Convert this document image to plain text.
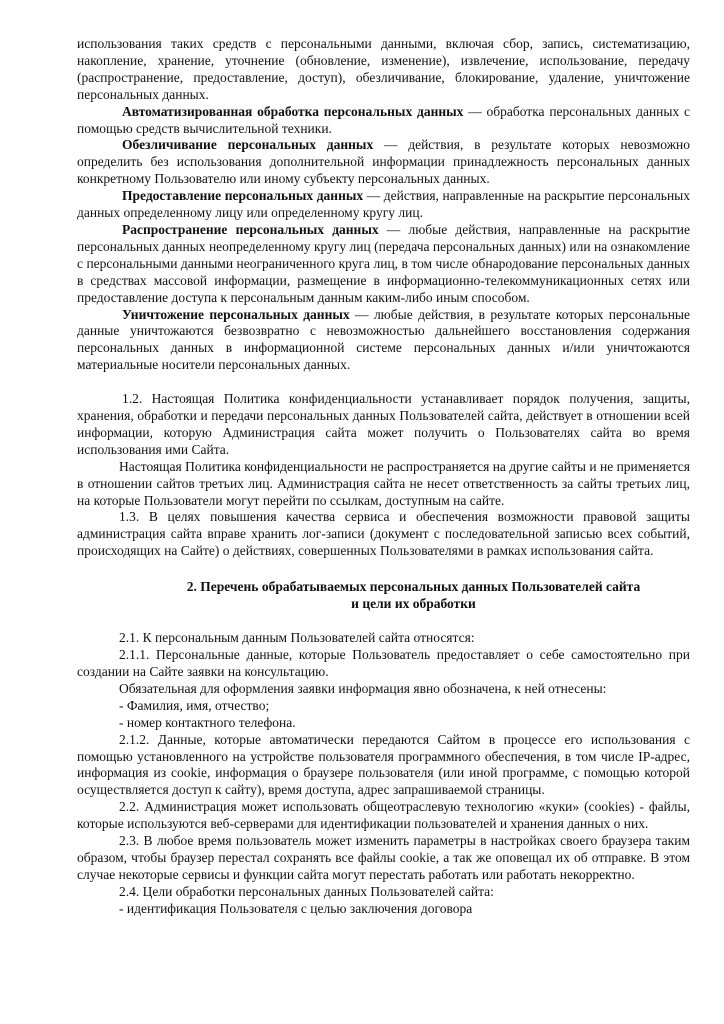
использования таких средств с персональными данными, включая сбор, запись, систематизацию, накопление, хранение, уточнение (обновление, изменение), извлечение, использование, передачу (распространение, предоставление, доступ), обезличивание, блокирование, удаление, уничтожение персональных данных.

Автоматизированная обработка персональных данных — обработка персональных данных с помощью средств вычислительной техники.

Обезличивание персональных данных — действия, в результате которых невозможно определить без использования дополнительной информации принадлежность персональных данных конкретному Пользователю или иному субъекту персональных данных.

Предоставление персональных данных — действия, направленные на раскрытие персональных данных определенному лицу или определенному кругу лиц.

Распространение персональных данных — любые действия, направленные на раскрытие персональных данных неопределенному кругу лиц (передача персональных данных) или на ознакомление с персональными данными неограниченного круга лиц, в том числе обнародование персональных данных в средствах массовой информации, размещение в информационно-телекоммуникационных сетях или предоставление доступа к персональным данным каким-либо иным способом.

Уничтожение персональных данных — любые действия, в результате которых персональные данные уничтожаются безвозвратно с невозможностью дальнейшего восстановления содержания персональных данных в информационной системе персональных данных и/или уничтожаются материальные носители персональных данных.

1.2. Настоящая Политика конфиденциальности устанавливает порядок получения, защиты, хранения, обработки и передачи персональных данных Пользователей сайта, действует в отношении всей информации, которую Администрация сайта может получить о Пользователях сайта во время использования ими Сайта.

Настоящая Политика конфиденциальности не распространяется на другие сайты и не применяется в отношении сайтов третьих лиц. Администрация сайта не несет ответственность за сайты третьих лиц, на которые Пользователи могут перейти по ссылкам, доступным на сайте.

1.3. В целях повышения качества сервиса и обеспечения возможности правовой защиты администрация сайта вправе хранить лог-записи (документ с последовательной записью всех событий, происходящих на Сайте) о действиях, совершенных Пользователями в рамках использования сайта.

2. Перечень обрабатываемых персональных данных Пользователей сайта
и цели их обработки

2.1. К персональным данным Пользователей сайта относятся:

2.1.1. Персональные данные, которые Пользователь предоставляет о себе самостоятельно при создании на Сайте заявки на консультацию.

Обязательная для оформления заявки информация явно обозначена, к ней отнесены:

- Фамилия, имя, отчество;

- номер контактного телефона.

2.1.2. Данные, которые автоматически передаются Сайтом в процессе его использования с помощью установленного на устройстве пользователя программного обеспечения, в том числе IP-адрес, информация из cookie, информация о браузере пользователя (или иной программе, с помощью которой осуществляется доступ к сайту), время доступа, адрес запрашиваемой страницы.

2.2. Администрация может использовать общеотраслевую технологию «куки» (cookies) - файлы, которые используются веб-серверами для идентификации пользователей и хранения данных о них.

2.3. В любое время пользователь может изменить параметры в настройках своего браузера таким образом, чтобы браузер перестал сохранять все файлы cookie, а так же оповещал их об отправке. В этом случае некоторые сервисы и функции сайта могут перестать работать или работать некорректно.

2.4. Цели обработки персональных данных Пользователей сайта:

- идентификация Пользователя с целью заключения договора
